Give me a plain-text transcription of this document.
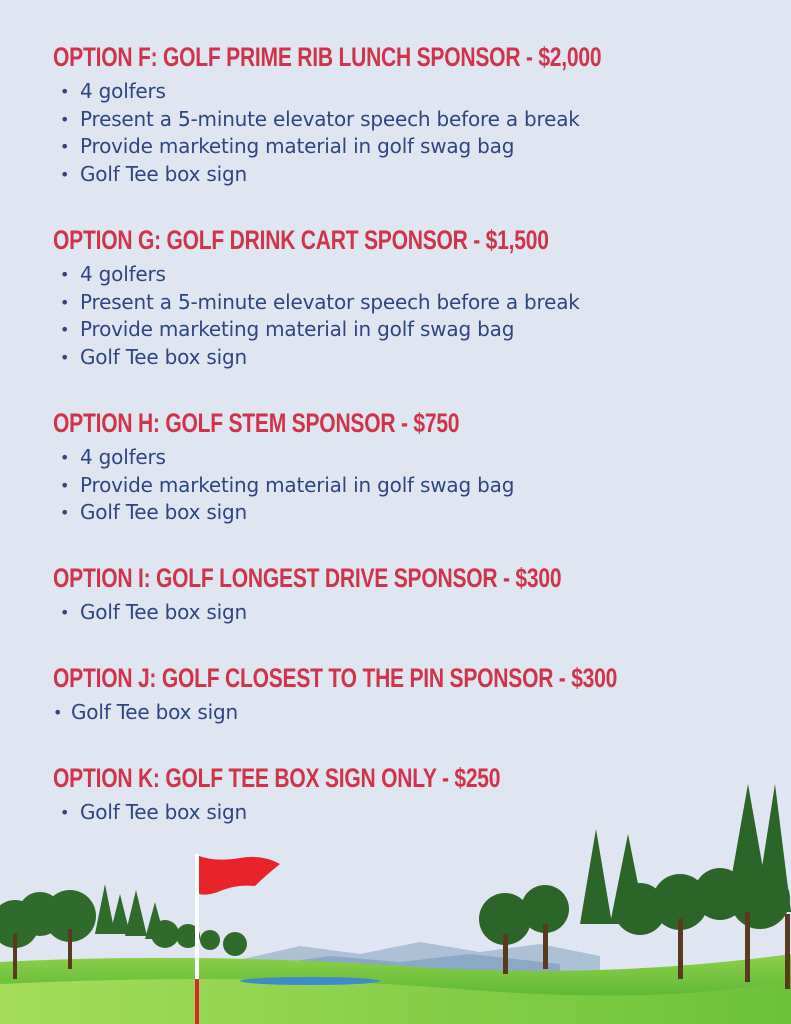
OPTION F: GOLF PRIME RIB LUNCH SPONSOR - $2,000
• 4 golfers
• Present a 5-minute elevator speech before a break
• Provide marketing material in golf swag bag
• Golf Tee box sign
OPTION G: GOLF DRINK CART SPONSOR - $1,500
• 4 golfers
• Present a 5-minute elevator speech before a break
• Provide marketing material in golf swag bag
• Golf Tee box sign
OPTION H: GOLF STEM SPONSOR - $750
• 4 golfers
• Provide marketing material in golf swag bag
• Golf Tee box sign
OPTION I: GOLF LONGEST DRIVE SPONSOR - $300
• Golf Tee box sign
OPTION J: GOLF CLOSEST TO THE PIN SPONSOR - $300
• Golf Tee box sign
OPTION K: GOLF TEE BOX SIGN ONLY - $250
• Golf Tee box sign
